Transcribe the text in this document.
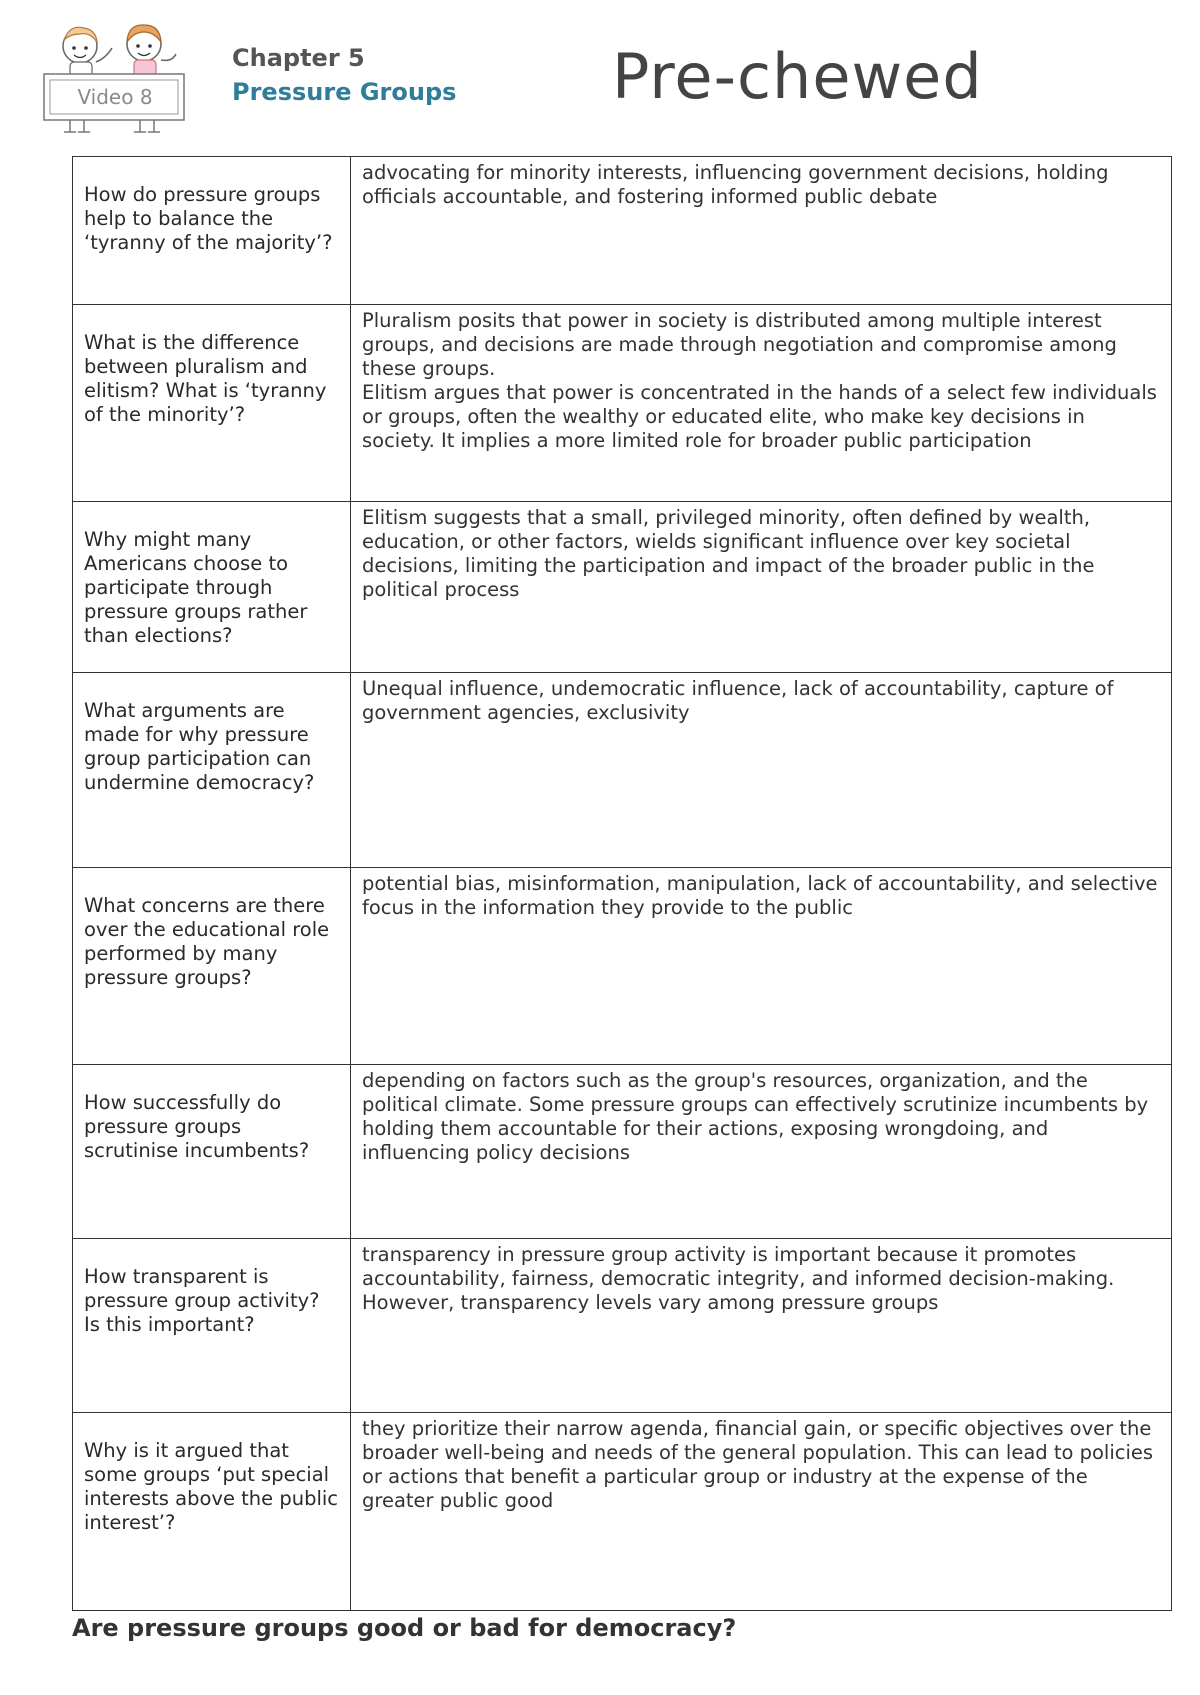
Video 8
Chapter 5
Pressure Groups	Pre-chewed
How do pressure groups help to balance the ‘tyranny of the majority’?	advocating for minority interests, influencing government decisions, holding officials accountable, and fostering informed public debate

What is the difference between pluralism and elitism? What is ‘tyranny of the minority’?	Pluralism posits that power in society is distributed among multiple interest groups, and decisions are made through negotiation and compromise among these groups.
Elitism argues that power is concentrated in the hands of a select few individuals or groups, often the wealthy or educated elite, who make key decisions in society. It implies a more limited role for broader public participation

Why might many Americans choose to participate through pressure groups rather than elections?	Elitism suggests that a small, privileged minority, often defined by wealth, education, or other factors, wields significant influence over key societal decisions, limiting the participation and impact of the broader public in the political process

What arguments are made for why pressure group participation can undermine democracy?	Unequal influence, undemocratic influence, lack of accountability, capture of government agencies, exclusivity

What concerns are there over the educational role performed by many pressure groups?	potential bias, misinformation, manipulation, lack of accountability, and selective focus in the information they provide to the public

How successfully do pressure groups scrutinise incumbents?	depending on factors such as the group's resources, organization, and the political climate. Some pressure groups can effectively scrutinize incumbents by holding them accountable for their actions, exposing wrongdoing, and influencing policy decisions

How transparent is pressure group activity? Is this important?	transparency in pressure group activity is important because it promotes accountability, fairness, democratic integrity, and informed decision-making. However, transparency levels vary among pressure groups

Why is it argued that some groups ‘put special interests above the public interest’?	they prioritize their narrow agenda, financial gain, or specific objectives over the broader well-being and needs of the general population. This can lead to policies or actions that benefit a particular group or industry at the expense of the greater public good
Are pressure groups good or bad for democracy?
